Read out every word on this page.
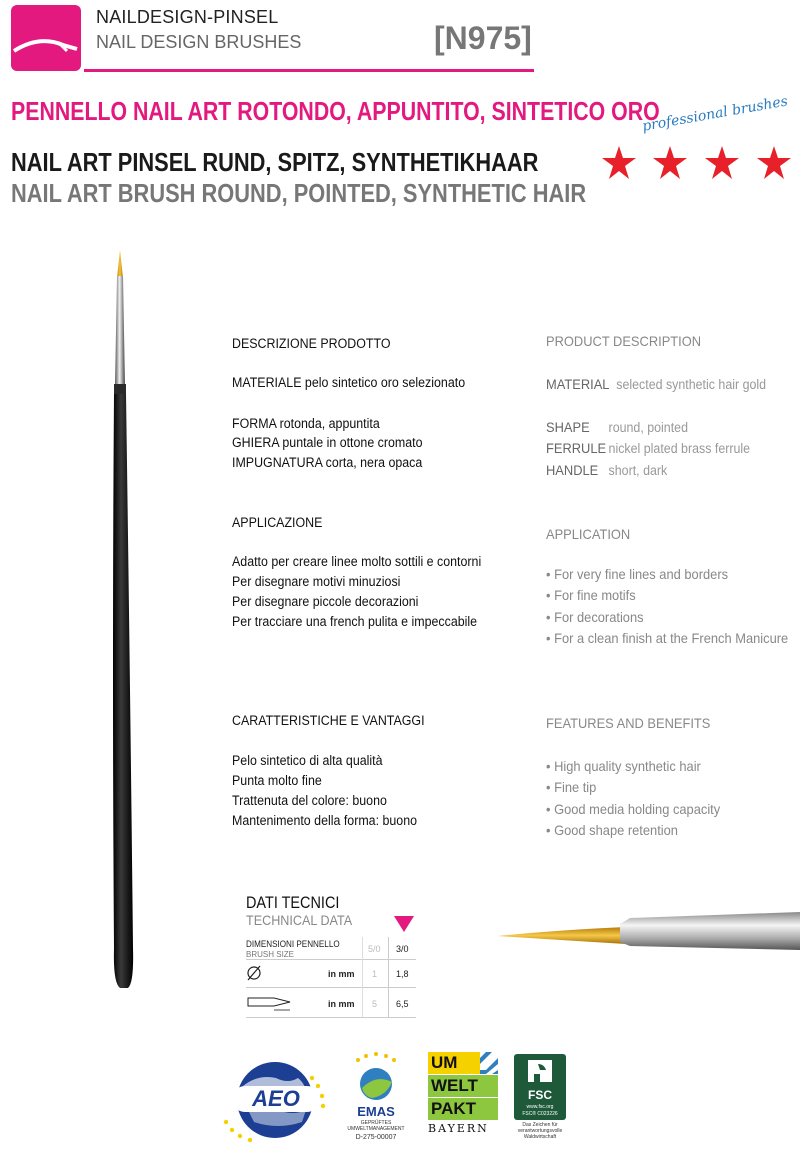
NAILDESIGN-PINSEL
NAIL DESIGN BRUSHES	[N975]
PENNELLO NAIL ART ROTONDO, APPUNTITO, SINTETICO ORO
NAIL ART PINSEL RUND, SPITZ, SYNTHETIKHAAR
NAIL ART BRUSH ROUND, POINTED, SYNTHETIC HAIR
professional brushes
DESCRIZIONE PRODOTTO
MATERIALE pelo sintetico oro selezionato
FORMA rotonda, appuntita
GHIERA puntale in ottone cromato
IMPUGNATURA corta, nera opaca
APPLICAZIONE
Adatto per creare linee molto sottili e contorni
Per disegnare motivi minuziosi
Per disegnare piccole decorazioni
Per tracciare una french pulita e impeccabile
CARATTERISTICHE E VANTAGGI
Pelo sintetico di alta qualità
Punta molto fine
Trattenuta del colore: buono
Mantenimento della forma: buono
PRODUCT DESCRIPTION
MATERIAL selected synthetic hair gold
SHAPE round, pointed
FERRULE nickel plated brass ferrule
HANDLE short, dark
APPLICATION
• For very fine lines and borders
• For fine motifs
• For decorations
• For a clean finish at the French Manicure
FEATURES AND BENEFITS
• High quality synthetic hair
• Fine tip
• Good media holding capacity
• Good shape retention
DATI TECNICI
TECHNICAL DATA
DIMENSIONI PENNELLO
BRUSH SIZE
5/0 3/0
in mm 1 1,8
in mm 5 6,5
AEO
EMAS
GEPRÜFTES
UMWELTMANAGEMENT
D-275-00007
UM
WELT
PAKT
BAYERN
FSC
www.fsc.org
FSC® C023226
Das Zeichen für verantwortungsvolle Waldwirtschaft
